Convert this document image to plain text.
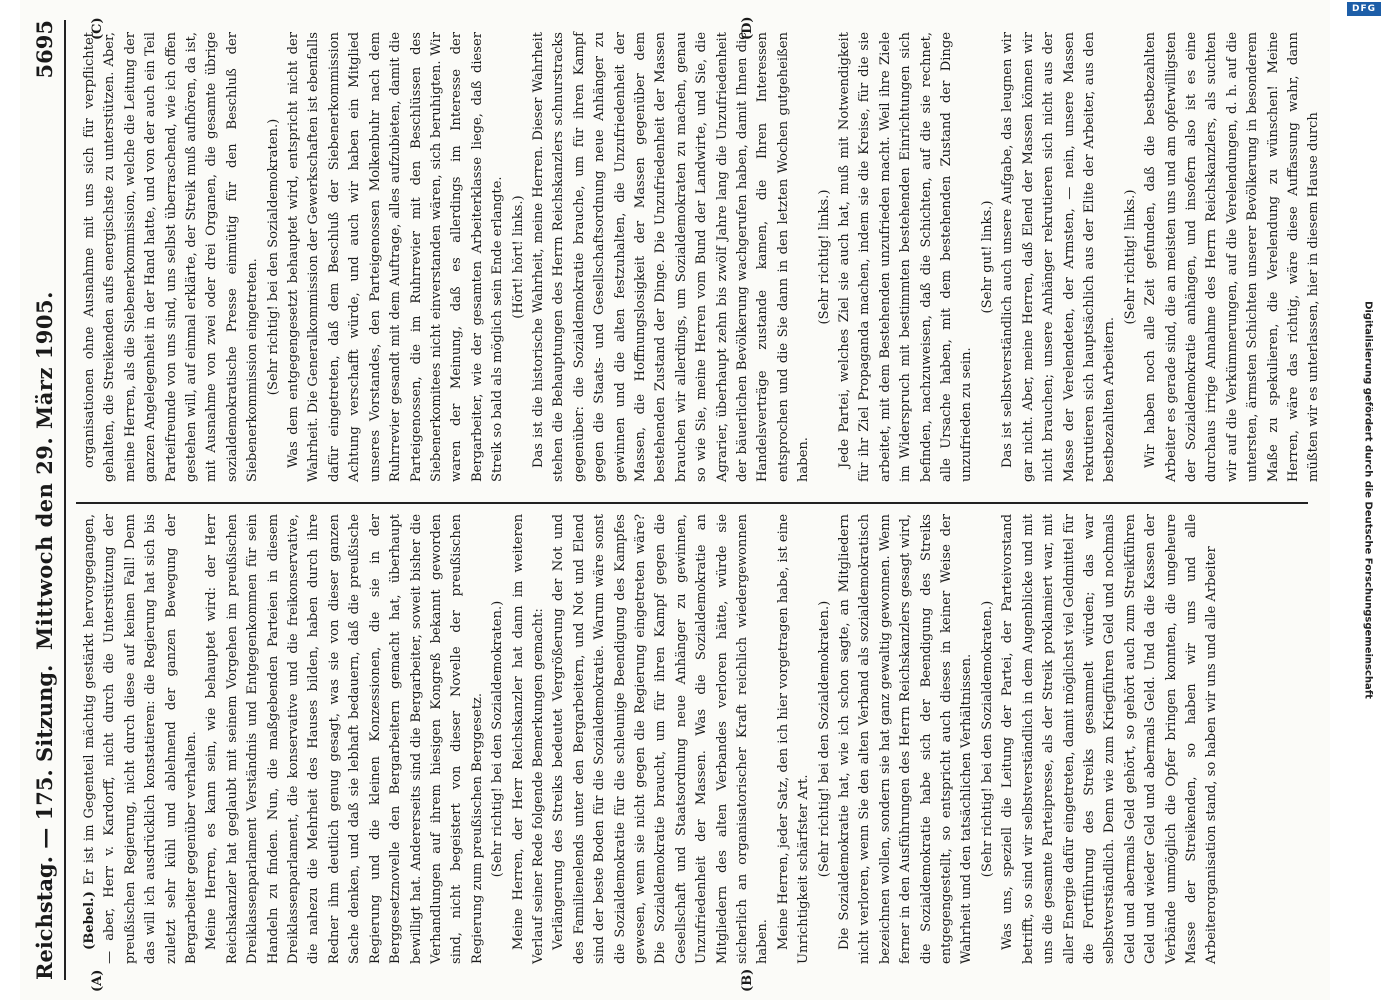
Reichstag. — 175. Sitzung.
Mittwoch den 29. März 1905.
5695
(A)	(B)
(C)	(D)

(Bebel.) Er ist im Gegenteil mächtig gestärkt hervorgegangen, — aber, Herr v. Kardorff, nicht durch die Unterstützung der preußischen Regierung, nicht durch diese auf keinen Fall! Denn das will ich ausdrücklich konstatieren: die Regierung hat sich bis zuletzt sehr kühl und ablehnend der ganzen Bewegung der Bergarbeiter gegenüber verhalten. Meine Herren, es kann sein, wie behauptet wird: der Herr Reichskanzler hat geglaubt mit seinem Vorgehen im preußischen Dreiklassenparlament Verständnis und Entgegenkommen für sein Handeln zu finden. Nun, die maßgebenden Parteien in diesem Dreiklassenparlament, die konservative und die freikonservative, die nahezu die Mehrheit des Hauses bilden, haben durch ihre Redner ihm deutlich genug gesagt, was sie von dieser ganzen Sache denken, und daß sie lebhaft bedauern, daß die preußische Regierung und die kleinen Konzessionen, die sie in der Berggesetznovelle den Bergarbeitern gemacht hat, überhaupt bewilligt hat. Andererseits sind die Bergarbeiter, soweit bisher die Verhandlungen auf ihrem hiesigen Kongreß bekannt geworden sind, nicht begeistert von dieser Novelle der preußischen Regierung zum preußischen Berggesetz. (Sehr richtig! bei den Sozialdemokraten.) Meine Herren, der Herr Reichskanzler hat dann im weiteren Verlauf seiner Rede folgende Bemerkungen gemacht: Verlängerung des Streiks bedeutet Vergrößerung der Not und des Familienelends unter den Bergarbeitern, und Not und Elend sind der beste Boden für die Sozialdemokratie. Warum wäre sonst die Sozialdemokratie für die schleunige Beendigung des Kampfes gewesen, wenn sie nicht gegen die Regierung eingetreten wäre? Die Sozialdemokratie braucht, um für ihren Kampf gegen die Gesellschaft und Staatsordnung neue Anhänger zu gewinnen, Unzufriedenheit der Massen. Was die Sozialdemokratie an Mitgliedern des alten Verbandes verloren hätte, würde sie sicherlich an organisatorischer Kraft reichlich wiedergewonnen haben. Meine Herren, jeder Satz, den ich hier vorgetragen habe, ist eine Unrichtigkeit schärfster Art. (Sehr richtig! bei den Sozialdemokraten.) Die Sozialdemokratie hat, wie ich schon sagte, an Mitgliedern nicht verloren, wenn Sie den alten Verband als sozialdemokratisch bezeichnen wollen, sondern sie hat ganz gewaltig gewonnen. Wenn ferner in den Ausführungen des Herrn Reichskanzlers gesagt wird, die Sozialdemokratie habe sich der Beendigung des Streiks entgegengestellt, so entspricht auch dieses in keiner Weise der Wahrheit und den tatsächlichen Verhältnissen. (Sehr richtig! bei den Sozialdemokraten.) Was uns, speziell die Leitung der Partei, der Parteivorstand betrifft, so sind wir selbstverständlich in dem Augenblicke und mit uns die gesamte Parteipresse, als der Streik proklamiert war, mit aller Energie dafür eingetreten, damit möglichst viel Geldmittel für die Fortführung des Streiks gesammelt würden; das war selbstverständlich. Denn wie zum Kriegführen Geld und nochmals Geld und abermals Geld gehört, so gehört auch zum Streikführen Geld und wieder Geld und abermals Geld. Und da die Kassen der Verbände unmöglich die Opfer bringen konnten, die ungeheure Masse der Streikenden, so haben wir uns und alle Arbeiterorganisation stand, so haben wir uns und alle Arbeiter

organisationen ohne Ausnahme mit uns sich für verpflichtet gehalten, die Streikenden aufs energischste zu unterstützen. Aber, meine Herren, als die Siebenerkommission, welche die Leitung der ganzen Angelegenheit in der Hand hatte, und von der auch ein Teil Parteifreunde von uns sind, uns selbst überraschend, wie ich offen gestehen will, auf einmal erklärte, der Streik muß aufhören, da ist, mit Ausnahme von zwei oder drei Organen, die gesamte übrige sozialdemokratische Presse einmütig für den Beschluß der Siebenerkommission eingetreten. (Sehr richtig! bei den Sozialdemokraten.) Was dem entgegengesetzt behauptet wird, entspricht nicht der Wahrheit. Die Generalkommission der Gewerkschaften ist ebenfalls dafür eingetreten, daß dem Beschluß der Siebenerkommission Achtung verschafft würde, und auch wir haben ein Mitglied unseres Vorstandes, den Parteigenossen Molkenbuhr nach dem Ruhrrevier gesandt mit dem Auftrage, alles aufzubieten, damit die Parteigenossen, die im Ruhrrevier mit den Beschlüssen des Siebenerkomitees nicht einverstanden wären, sich beruhigten. Wir waren der Meinung, daß es allerdings im Interesse der Bergarbeiter, wie der gesamten Arbeiterklasse liege, daß dieser Streik so bald als möglich sein Ende erlangte. (Hört! hört! links.) Das ist die historische Wahrheit, meine Herren. Dieser Wahrheit stehen die Behauptungen des Herrn Reichskanzlers schnurstracks gegenüber: die Sozialdemokratie brauche, um für ihren Kampf gegen die Staats- und Gesellschaftsordnung neue Anhänger zu gewinnen und die alten festzuhalten, die Unzufriedenheit der Massen, die Hoffnungslosigkeit der Massen gegenüber dem bestehenden Zustand der Dinge. Die Unzufriedenheit der Massen brauchen wir allerdings, um Sozialdemokraten zu machen, genau so wie Sie, meine Herren vom Bund der Landwirte, und Sie, die Agrarier, überhaupt zehn bis zwölf Jahre lang die Unzufriedenheit der bäuerlichen Bevölkerung wachgerufen haben, damit Ihnen die Handelsverträge zustande kamen, die Ihren Interessen entsprochen und die Sie dann in den letzten Wochen gutgeheißen haben.

(Sehr richtig! links.) Jede Partei, welches Ziel sie auch hat, muß mit Notwendigkeit für ihr Ziel Propaganda machen, indem sie die Kreise, für die sie arbeitet, mit dem Bestehenden unzufrieden macht. Weil ihre Ziele im Widerspruch mit bestimmten bestehenden Einrichtungen sich befinden, nachzuweisen, daß die Schichten, auf die sie rechnet, alle Ursache haben, mit dem bestehenden Zustand der Dinge unzufrieden zu sein.

(Sehr gut! links.) Das ist selbstverständlich auch unsere Aufgabe, das leugnen wir gar nicht. Aber, meine Herren, daß Elend der Massen können wir nicht brauchen; unsere Anhänger rekrutieren sich nicht aus der Masse der Verelendeten, der Armsten, — nein, unsere Massen rekrutieren sich hauptsächlich aus der Elite der Arbeiter, aus den bestbezahlten Arbeitern.

(Sehr richtig! links.) Wir haben noch alle Zeit gefunden, daß die bestbezahlten Arbeiter es gerade sind, die an meisten uns und am opferwilligsten der Sozialdemokratie anhängen, und insofern also ist es eine durchaus irrige Annahme des Herrn Reichskanzlers, als suchten wir auf die Verkümmerungen, auf die Verelendungen, d. h. auf die untersten, ärmsten Schichten unserer Bevölkerung in besonderem Maße zu spekulieren, die Verelendung zu wünschen! Meine Herren, wäre das richtig, wäre diese Auffassung wahr, dann müßten wir es unterlassen, hier in diesem Hause durch

DFG
Digitalisierung gefördert durch die Deutsche Forschungsgemeinschaft
